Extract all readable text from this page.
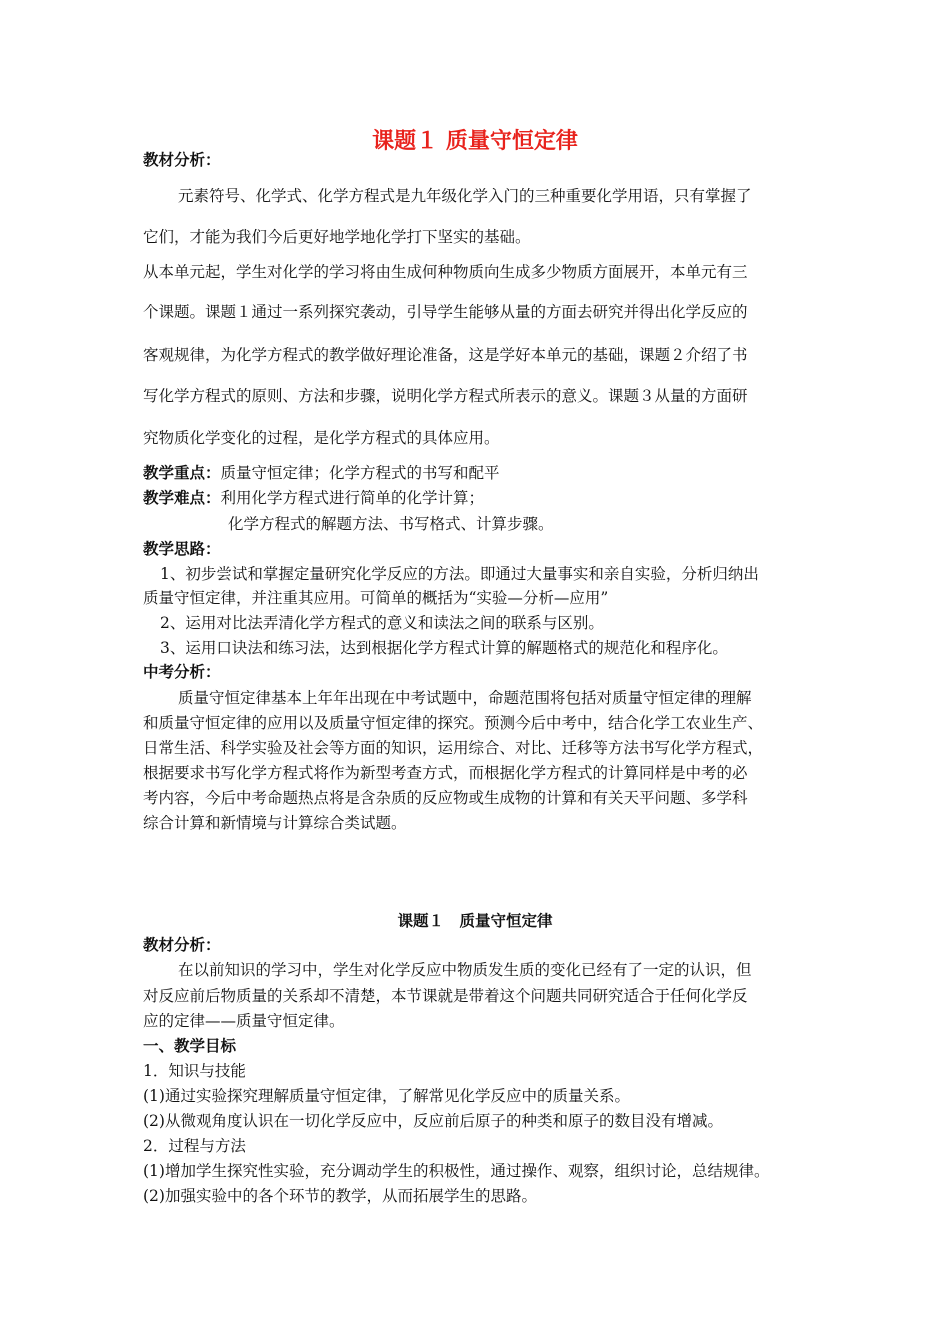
课题１ 质量守恒定律
教材分析：
元素符号、化学式、化学方程式是九年级化学入门的三种重要化学用语，只有掌握了
它们，才能为我们今后更好地学地化学打下坚实的基础。
从本单元起，学生对化学的学习将由生成何种物质向生成多少物质方面展开，本单元有三
个课题。课题１通过一系列探究袭动，引导学生能够从量的方面去研究并得出化学反应的
客观规律，为化学方程式的教学做好理论准备，这是学好本单元的基础，课题２介绍了书
写化学方程式的原则、方法和步骤，说明化学方程式所表示的意义。课题３从量的方面研
究物质化学变化的过程，是化学方程式的具体应用。
教学重点：质量守恒定律；化学方程式的书写和配平
教学难点：利用化学方程式进行简单的化学计算；
化学方程式的解题方法、书写格式、计算步骤。
教学思路：
1、初步尝试和掌握定量研究化学反应的方法。即通过大量事实和亲自实验，分析归纳出
质量守恒定律，并注重其应用。可简单的概括为“实验—分析—应用”
2、运用对比法弄清化学方程式的意义和读法之间的联系与区别。
3、运用口诀法和练习法，达到根据化学方程式计算的解题格式的规范化和程序化。
中考分析：
质量守恒定律基本上年年出现在中考试题中，命题范围将包括对质量守恒定律的理解
和质量守恒定律的应用以及质量守恒定律的探究。预测今后中考中，结合化学工农业生产、
日常生活、科学实验及社会等方面的知识，运用综合、对比、迁移等方法书写化学方程式，
根据要求书写化学方程式将作为新型考查方式，而根据化学方程式的计算同样是中考的必
考内容，今后中考命题热点将是含杂质的反应物或生成物的计算和有关天平问题、多学科
综合计算和新情境与计算综合类试题。
课题１　质量守恒定律
教材分析：
在以前知识的学习中，学生对化学反应中物质发生质的变化已经有了一定的认识，但
对反应前后物质量的关系却不清楚，本节课就是带着这个问题共同研究适合于任何化学反
应的定律——质量守恒定律。
一、教学目标
1．知识与技能
(1)通过实验探究理解质量守恒定律，了解常见化学反应中的质量关系。
(2)从微观角度认识在一切化学反应中，反应前后原子的种类和原子的数目没有增减。
2．过程与方法
(1)增加学生探究性实验，充分调动学生的积极性，通过操作、观察，组织讨论，总结规律。
(2)加强实验中的各个环节的教学，从而拓展学生的思路。
